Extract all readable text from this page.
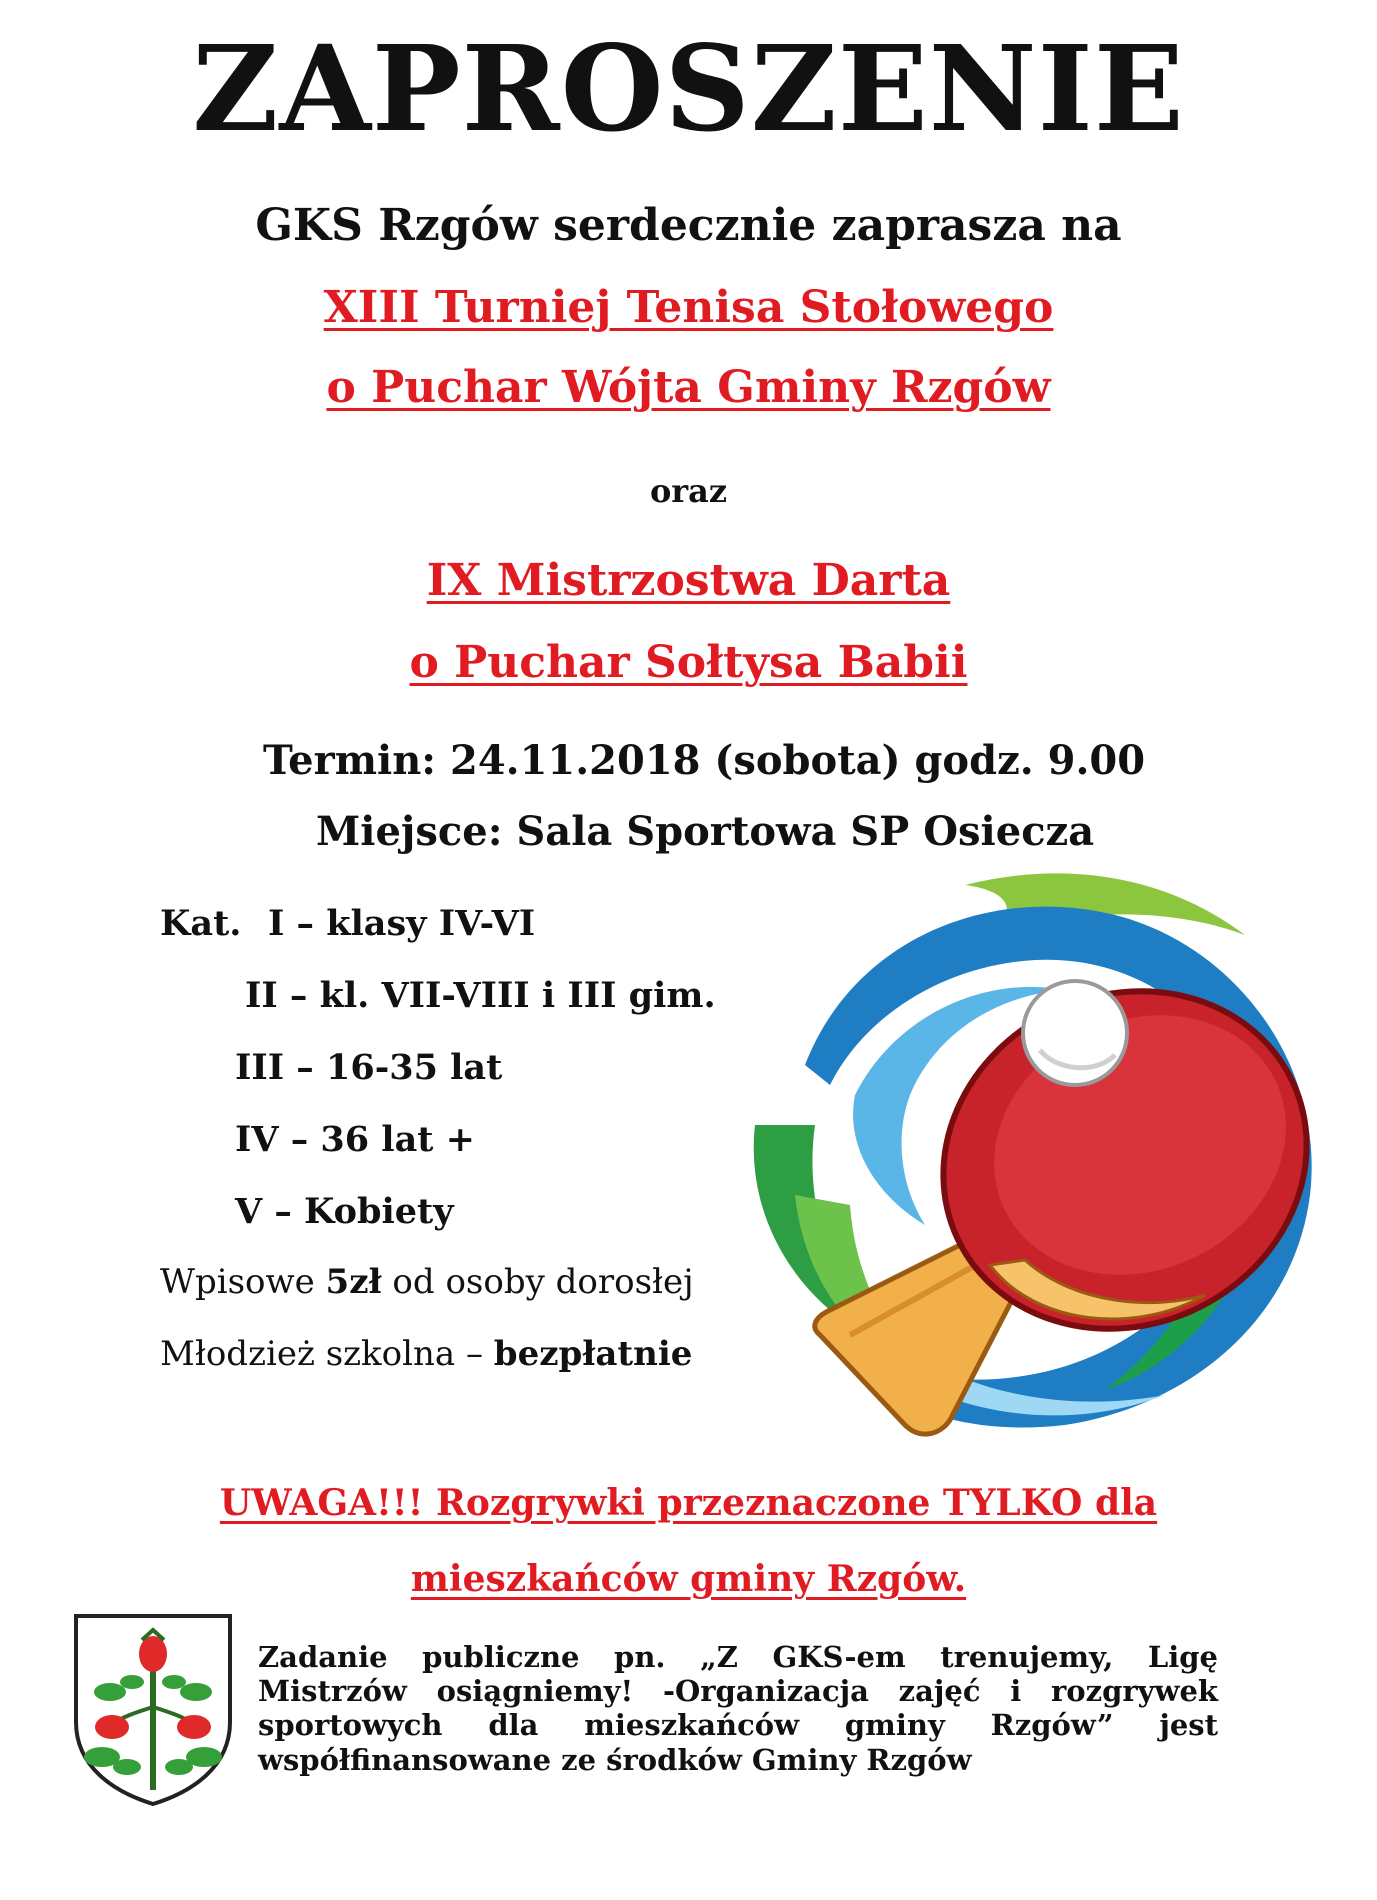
ZAPROSZENIE
GKS Rzgów serdecznie zaprasza na
XIII Turniej Tenisa Stołowego
o Puchar Wójta Gminy Rzgów
oraz
IX Mistrzostwa Darta
o Puchar Sołtysa Babii
Termin: 24.11.2018 (sobota) godz. 9.00
Miejsce: Sala Sportowa SP Osiecza
Kat. I – klasy IV-VI
II – kl. VII-VIII i III gim.
III – 16-35 lat
IV – 36 lat +
V – Kobiety
Wpisowe 5zł od osoby dorosłej
Młodzież szkolna – bezpłatnie
UWAGA!!! Rozgrywki przeznaczone TYLKO dla
mieszkańców gminy Rzgów.
Zadanie publiczne pn. „Z GKS-em trenujemy, Ligę
Mistrzów osiągniemy! -Organizacja zajęć i rozgrywek
sportowych dla mieszkańców gminy Rzgów” jest
współfinansowane ze środków Gminy Rzgów
